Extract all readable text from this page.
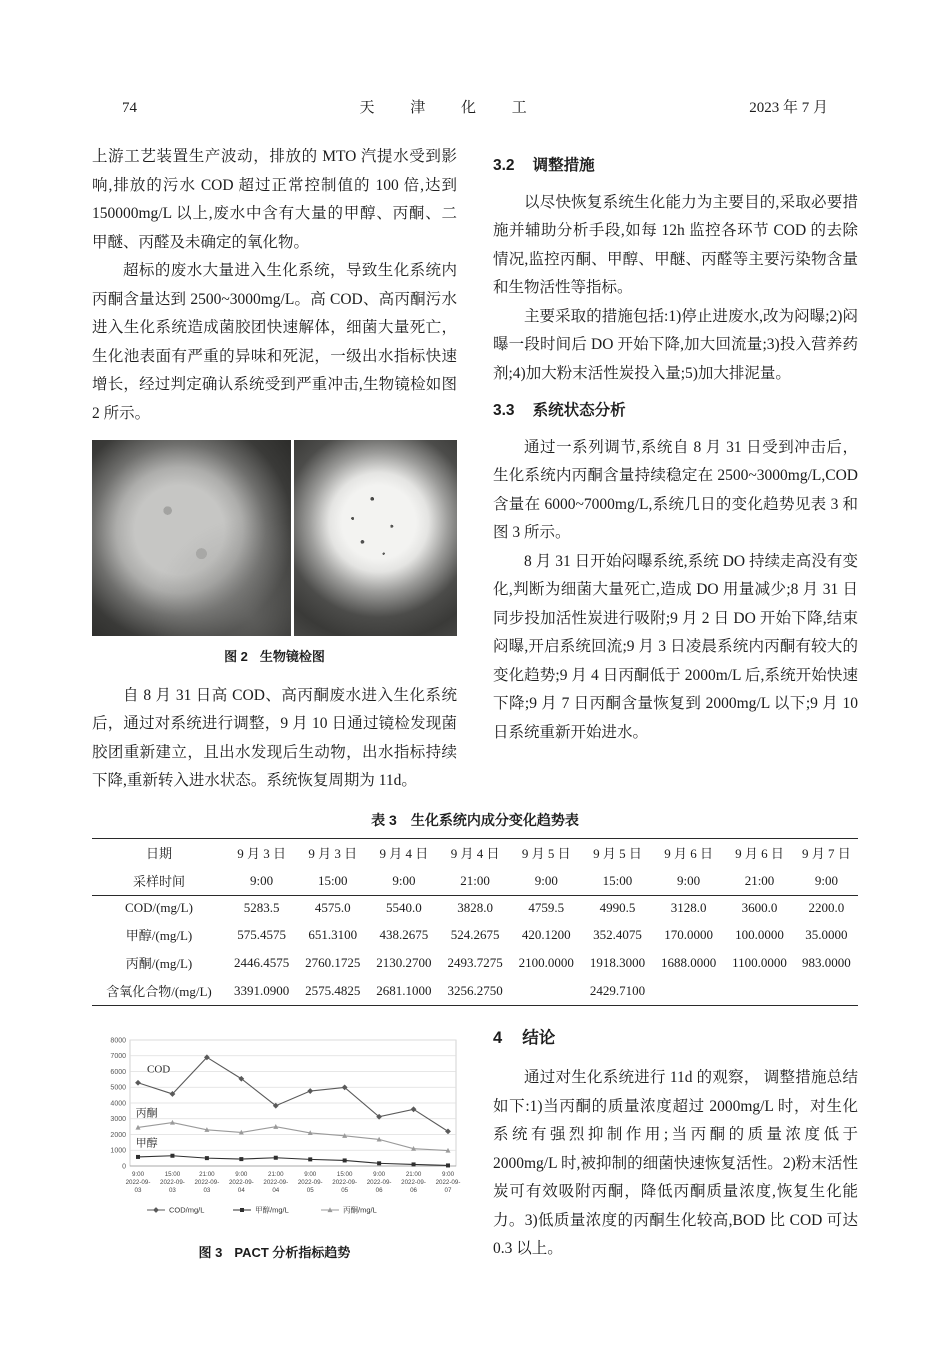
74	天 津 化 工	2023 年 7 月

上游工艺装置生产波动，排放的 MTO 汽提水受到影响,排放的污水 COD 超过正常控制值的 100 倍,达到 150000mg/L 以上,废水中含有大量的甲醇、丙酮、二甲醚、丙醛及未确定的氧化物。

超标的废水大量进入生化系统，导致生化系统内丙酮含量达到 2500~3000mg/L。高 COD、高丙酮污水进入生化系统造成菌胶团快速解体，细菌大量死亡，生化池表面有严重的异味和死泥，一级出水指标快速增长，经过判定确认系统受到严重冲击,生物镜检如图 2 所示。

图 2 生物镜检图

自 8 月 31 日高 COD、高丙酮废水进入生化系统后，通过对系统进行调整，9 月 10 日通过镜检发现菌胶团重新建立，且出水发现后生动物，出水指标持续下降,重新转入进水状态。系统恢复周期为 11d。

3.2 调整措施

以尽快恢复系统生化能力为主要目的,采取必要措施并辅助分析手段,如每 12h 监控各环节 COD 的去除情况,监控丙酮、甲醇、甲醚、丙醛等主要污染物含量和生物活性等指标。

主要采取的措施包括:1)停止进废水,改为闷曝;2)闷曝一段时间后 DO 开始下降,加大回流量;3)投入营养药剂;4)加大粉末活性炭投入量;5)加大排泥量。

3.3 系统状态分析

通过一系列调节,系统自 8 月 31 日受到冲击后， 生化系统内丙酮含量持续稳定在 2500~3000mg/L,COD 含量在 6000~7000mg/L,系统几日的变化趋势见表 3 和图 3 所示。

8 月 31 日开始闷曝系统,系统 DO 持续走高没有变化,判断为细菌大量死亡,造成 DO 用量减少;8 月 31 日同步投加活性炭进行吸附;9 月 2 日 DO 开始下降,结束闷曝,开启系统回流;9 月 3 日凌晨系统内丙酮有较大的变化趋势;9 月 4 日丙酮低于 2000m/L 后,系统开始快速下降;9 月 7 日丙酮含量恢复到 2000mg/L 以下;9 月 10 日系统重新开始进水。

表 3 生化系统内成分变化趋势表
日期	9 月 3 日	9 月 3 日	9 月 4 日	9 月 4 日	9 月 5 日	9 月 5 日	9 月 6 日	9 月 6 日	9 月 7 日
采样时间	9:00	15:00	9:00	21:00	9:00	15:00	9:00	21:00	9:00
COD/(mg/L)	5283.5	4575.0	5540.0	3828.0	4759.5	4990.5	3128.0	3600.0	2200.0
甲醇/(mg/L)	575.4575	651.3100	438.2675	524.2675	420.1200	352.4075	170.0000	100.0000	35.0000
丙酮/(mg/L)	2446.4575	2760.1725	2130.2700	2493.7275	2100.0000	1918.3000	1688.0000	1100.0000	983.0000
含氧化合物/(mg/L)	3391.0900	2575.4825	2681.1000	3256.2750		2429.7100			
0
1000
2000
3000
4000
5000
6000
7000
8000
COD
丙酮
甲醇
9:00
2022-09-
03
15:00
2022-09-
03
21:00
2022-09-
03
9:00
2022-09-
04
21:00
2022-09-
04
9:00
2022-09-
05
15:00
2022-09-
05
9:00
2022-09-
06
21:00
2022-09-
06
9:00
2022-09-
07
COD/mg/L	甲醇/mg/L	丙酮/mg/L
图 3 PACT 分析指标趋势
4 结论

通过对生化系统进行 11d 的观察， 调整措施总结如下:1)当丙酮的质量浓度超过 2000mg/L 时，对生化系统有强烈抑制作用;当丙酮的质量浓度低于 2000mg/L 时,被抑制的细菌快速恢复活性。2)粉末活性炭可有效吸附丙酮，降低丙酮质量浓度,恢复生化能力。3)低质量浓度的丙酮生化较高,BOD 比 COD 可达 0.3 以上。
